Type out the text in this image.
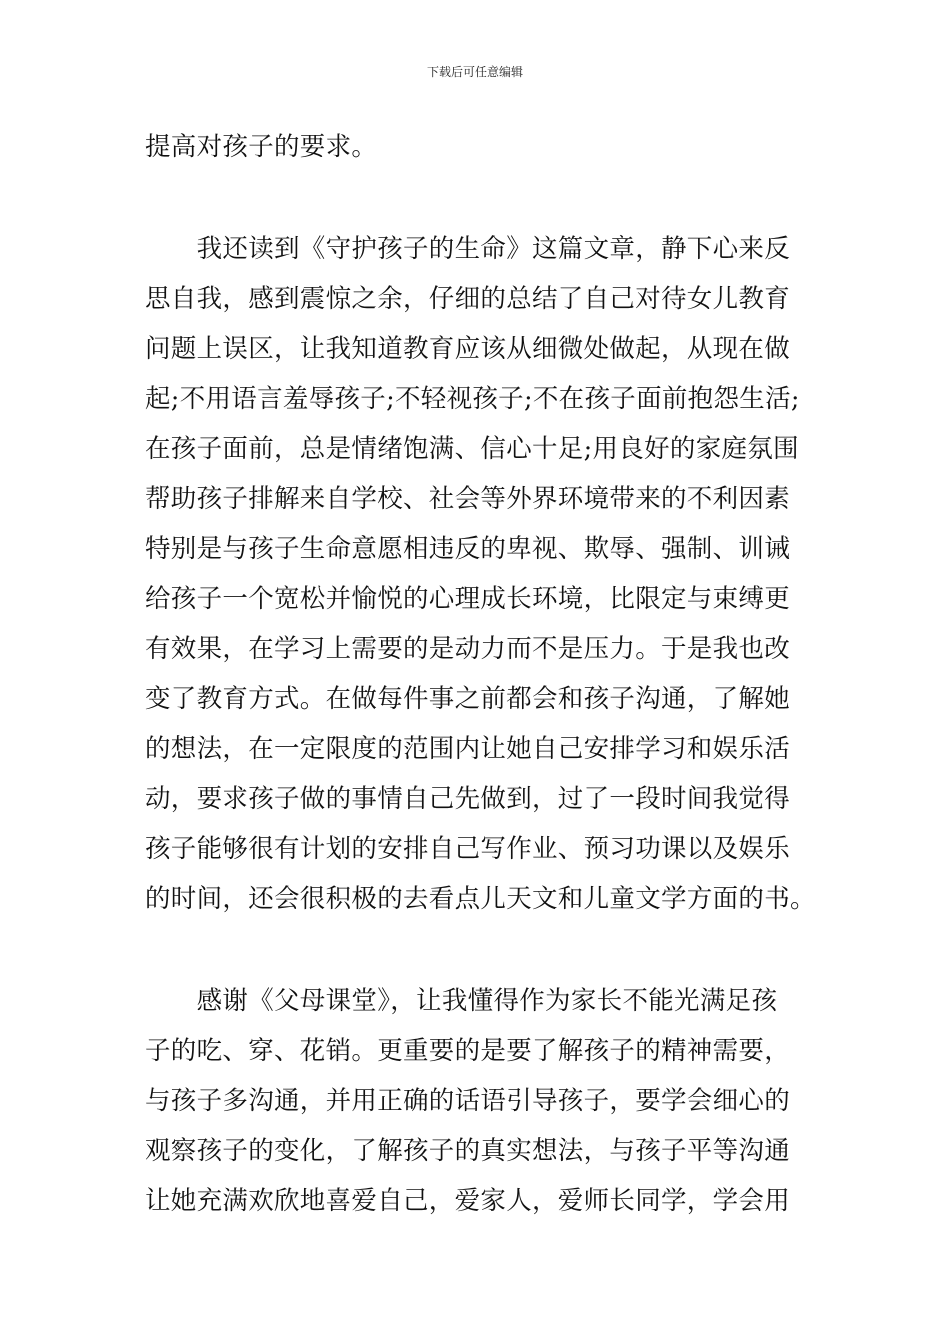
下载后可任意编辑
提高对孩子的要求。
　　我还读到《守护孩子的生命》这篇文章，静下心来反
思自我，感到震惊之余，仔细的总结了自己对待女儿教育
问题上误区，让我知道教育应该从细微处做起，从现在做
起;不用语言羞辱孩子;不轻视孩子;不在孩子面前抱怨生活;
在孩子面前，总是情绪饱满、信心十足;用良好的家庭氛围
帮助孩子排解来自学校、社会等外界环境带来的不利因素
特别是与孩子生命意愿相违反的卑视、欺辱、强制、训诫
给孩子一个宽松并愉悦的心理成长环境，比限定与束缚更
有效果，在学习上需要的是动力而不是压力。于是我也改
变了教育方式。在做每件事之前都会和孩子沟通，了解她
的想法，在一定限度的范围内让她自己安排学习和娱乐活
动，要求孩子做的事情自己先做到，过了一段时间我觉得
孩子能够很有计划的安排自己写作业、预习功课以及娱乐
的时间，还会很积极的去看点儿天文和儿童文学方面的书。
　　感谢《父母课堂》，让我懂得作为家长不能光满足孩
子的吃、穿、花销。更重要的是要了解孩子的精神需要，
与孩子多沟通，并用正确的话语引导孩子，要学会细心的
观察孩子的变化，了解孩子的真实想法，与孩子平等沟通
让她充满欢欣地喜爱自己，爱家人，爱师长同学，学会用
